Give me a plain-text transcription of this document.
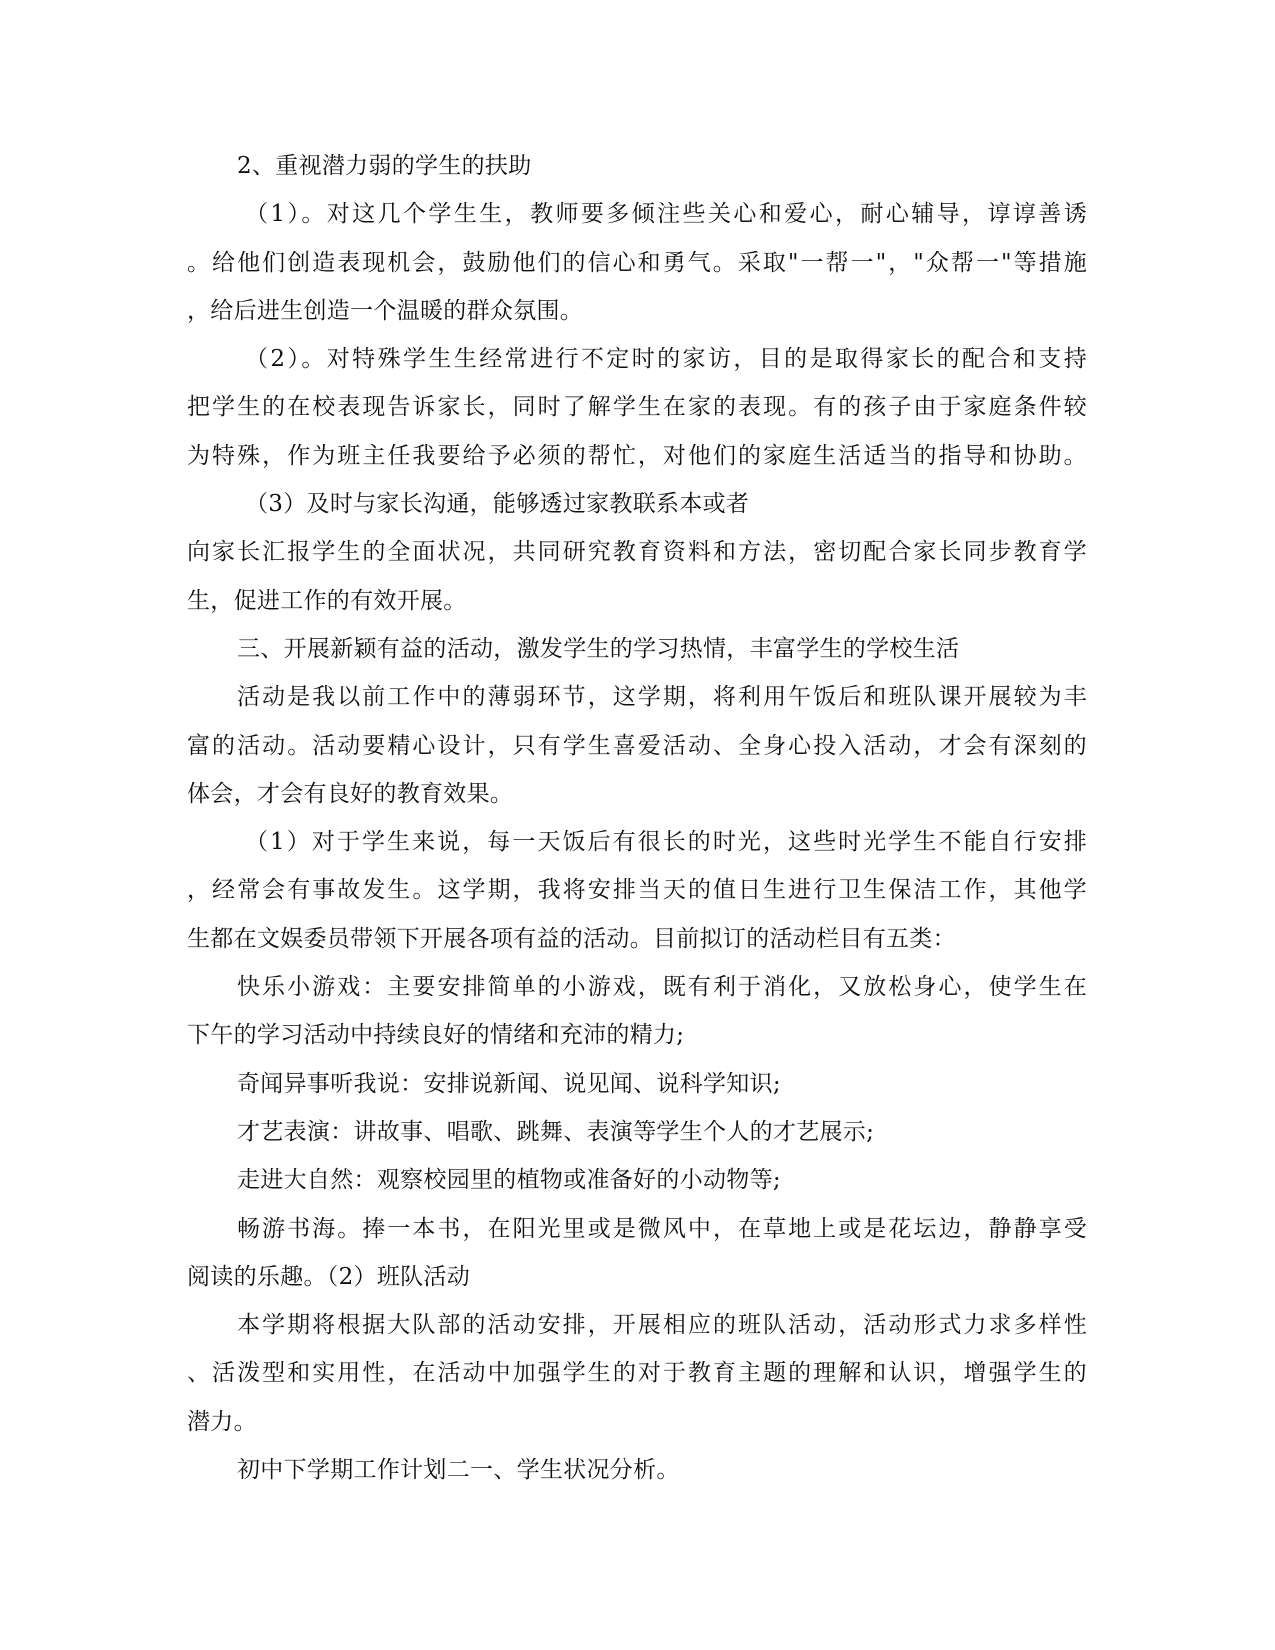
2、重视潜力弱的学生的扶助
（1）。对这几个学生生，教师要多倾注些关心和爱心，耐心辅导，谆谆善诱
。给他们创造表现机会，鼓励他们的信心和勇气。采取"一帮一"，"众帮一"等措施
，给后进生创造一个温暖的群众氛围。
（2）。对特殊学生生经常进行不定时的家访，目的是取得家长的配合和支持
把学生的在校表现告诉家长，同时了解学生在家的表现。有的孩子由于家庭条件较
为特殊，作为班主任我要给予必须的帮忙，对他们的家庭生活适当的指导和协助。
（3）及时与家长沟通，能够透过家教联系本或者
向家长汇报学生的全面状况，共同研究教育资料和方法，密切配合家长同步教育学
生，促进工作的有效开展。
三、开展新颖有益的活动，激发学生的学习热情，丰富学生的学校生活
活动是我以前工作中的薄弱环节，这学期，将利用午饭后和班队课开展较为丰
富的活动。活动要精心设计，只有学生喜爱活动、全身心投入活动，才会有深刻的
体会，才会有良好的教育效果。
（1）对于学生来说，每一天饭后有很长的时光，这些时光学生不能自行安排
，经常会有事故发生。这学期，我将安排当天的值日生进行卫生保洁工作，其他学
生都在文娱委员带领下开展各项有益的活动。目前拟订的活动栏目有五类：
快乐小游戏：主要安排简单的小游戏，既有利于消化，又放松身心，使学生在
下午的学习活动中持续良好的情绪和充沛的精力;
奇闻异事听我说：安排说新闻、说见闻、说科学知识;
才艺表演：讲故事、唱歌、跳舞、表演等学生个人的才艺展示;
走进大自然：观察校园里的植物或准备好的小动物等;
畅游书海。捧一本书，在阳光里或是微风中，在草地上或是花坛边，静静享受
阅读的乐趣。（2）班队活动
本学期将根据大队部的活动安排，开展相应的班队活动，活动形式力求多样性
、活泼型和实用性，在活动中加强学生的对于教育主题的理解和认识，增强学生的
潜力。
初中下学期工作计划二一、学生状况分析。
